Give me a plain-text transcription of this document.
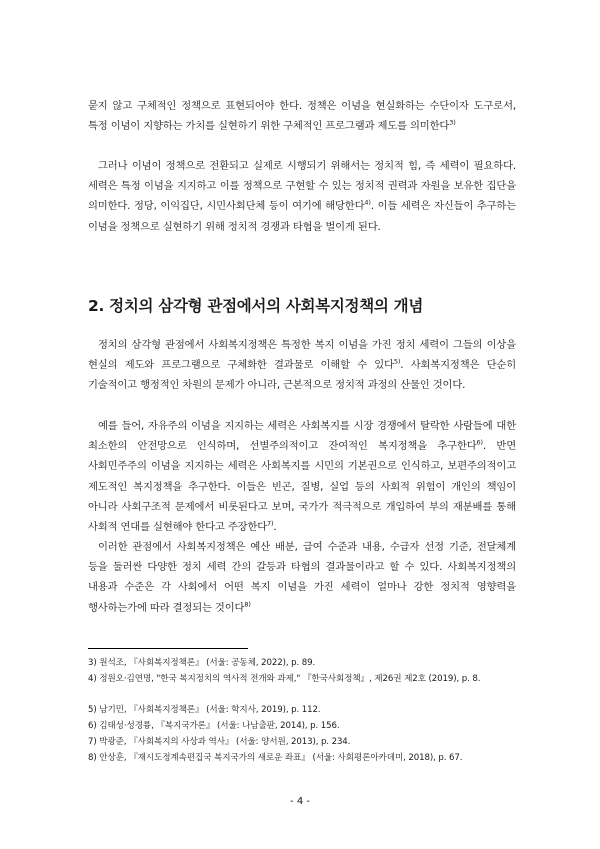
묻지 않고 구체적인 정책으로 표현되어야 한다. 정책은 이념을 현실화하는 수단이자 도구로서, 특정 이념이 지향하는 가치를 실현하기 위한 구체적인 프로그램과 제도를 의미한다$^{3)}$
그러나 이념이 정책으로 전환되고 실제로 시행되기 위해서는 정치적 힘, 즉 세력이 필요하다. 세력은 특정 이념을 지지하고 이를 정책으로 구현할 수 있는 정치적 권력과 자원을 보유한 집단을 의미한다. 정당, 이익집단, 시민사회단체 등이 여기에 해당한다$^{4)}$. 이들 세력은 자신들이 추구하는 이념을 정책으로 실현하기 위해 정치적 경쟁과 타협을 벌이게 된다.
2. 정치의 삼각형 관점에서의 사회복지정책의 개념
정치의 삼각형 관점에서 사회복지정책은 특정한 복지 이념을 가진 정치 세력이 그들의 이상을 현실의 제도와 프로그램으로 구체화한 결과물로 이해할 수 있다$^{5)}$. 사회복지정책은 단순히 기술적이고 행정적인 차원의 문제가 아니라, 근본적으로 정치적 과정의 산물인 것이다.
예를 들어, 자유주의 이념을 지지하는 세력은 사회복지를 시장 경쟁에서 탈락한 사람들에 대한 최소한의 안전망으로 인식하며, 선별주의적이고 잔여적인 복지정책을 추구한다$^{6)}$. 반면 사회민주주의 이념을 지지하는 세력은 사회복지를 시민의 기본권으로 인식하고, 보편주의적이고 제도적인 복지정책을 추구한다. 이들은 빈곤, 질병, 실업 등의 사회적 위험이 개인의 책임이 아니라 사회구조적 문제에서 비롯된다고 보며, 국가가 적극적으로 개입하여 부의 재분배를 통해 사회적 연대를 실현해야 한다고 주장한다$^{7)}$.
이러한 관점에서 사회복지정책은 예산 배분, 급여 수준과 내용, 수급자 선정 기준, 전달체계 등을 둘러싼 다양한 정치 세력 간의 갈등과 타협의 결과물이라고 할 수 있다. 사회복지정책의 내용과 수준은 각 사회에서 어떤 복지 이념을 가진 세력이 얼마나 강한 정치적 영향력을 행사하는가에 따라 결정되는 것이다$^{8)}$
3) 원석조, 『사회복지정책론』 (서울: 공동체, 2022), p. 89.
4) 정원오·김연명, "한국 복지정치의 역사적 전개와 과제," 『한국사회정책』, 제26권 제2호 (2019), p. 8.
5) 남기민, 『사회복지정책론』 (서울: 학지사, 2019), p. 112.
6) 김태성·성경륭, 『복지국가론』 (서울: 나남출판, 2014), p. 156.
7) 박광준, 『사회복지의 사상과 역사』 (서울: 양서원, 2013), p. 234.
8) 안상훈, 『재시도정계속편집국 복지국가의 새로운 좌표』 (서울: 사회평론아카데미, 2018), p. 67.
- 4 -
